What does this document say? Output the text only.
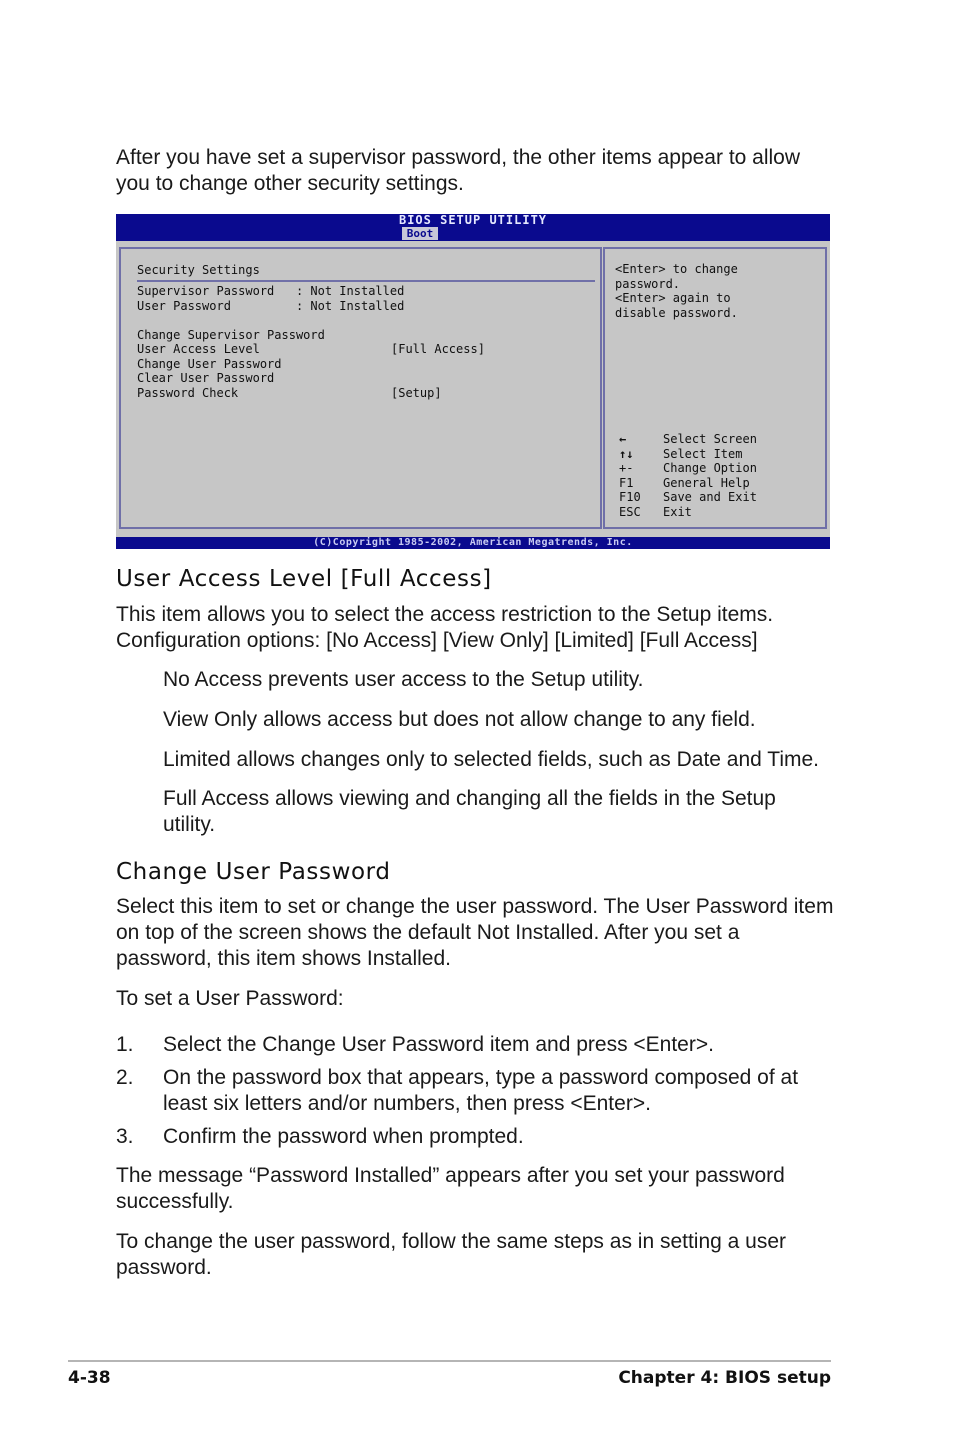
After you have set a supervisor password, the other items appear to allow you to change other security settings.

BIOS SETUP UTILITY
Boot
Security Settings
Supervisor Password   : Not Installed
User Password         : Not Installed
Change Supervisor Password
User Access Level	[Full Access]
Change User Password
Clear User Password
Password Check	[Setup]
<Enter> to change
password.
<Enter> again to
disable password.
←	Select Screen
↑↓ Select Item
+- Change Option
F1 General Help
F10 Save and Exit
ESC Exit
(C)Copyright 1985-2002, American Megatrends, Inc.
User Access Level [Full Access]

This item allows you to select the access restriction to the Setup items. Configuration options: [No Access] [View Only] [Limited] [Full Access]

No Access prevents user access to the Setup utility.

View Only allows access but does not allow change to any field.

Limited allows changes only to selected fields, such as Date and Time.

Full Access allows viewing and changing all the fields in the Setup utility.

Change User Password

Select this item to set or change the user password. The User Password item on top of the screen shows the default Not Installed. After you set a password, this item shows Installed.

To set a User Password:

1. Select the Change User Password item and press <Enter>.
2. On the password box that appears, type a password composed of at least six letters and/or numbers, then press <Enter>.
3. Confirm the password when prompted.

The message “Password Installed” appears after you set your password successfully.

To change the user password, follow the same steps as in setting a user password.

4-38	Chapter 4: BIOS setup
